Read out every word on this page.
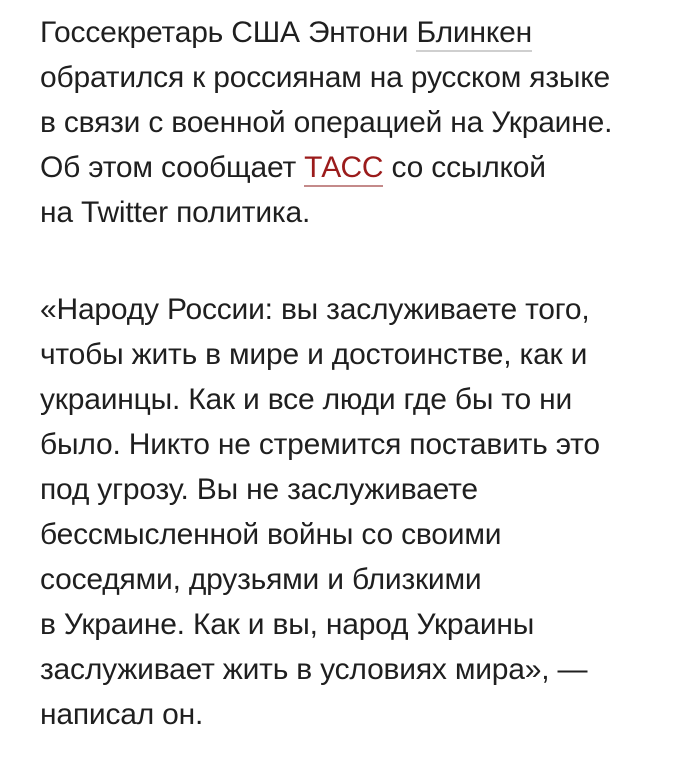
Госсекретарь США Энтони Блинкен
обратился к россиянам на русском языке
в связи с военной операцией на Украине.
Об этом сообщает ТАСС со ссылкой
на Twitter политика.

«Народу России: вы заслуживаете того,
чтобы жить в мире и достоинстве, как и
украинцы. Как и все люди где бы то ни
было. Никто не стремится поставить это
под угрозу. Вы не заслуживаете
бессмысленной войны со своими
соседями, друзьями и близкими
в Украине. Как и вы, народ Украины
заслуживает жить в условиях мира», —
написал он.
